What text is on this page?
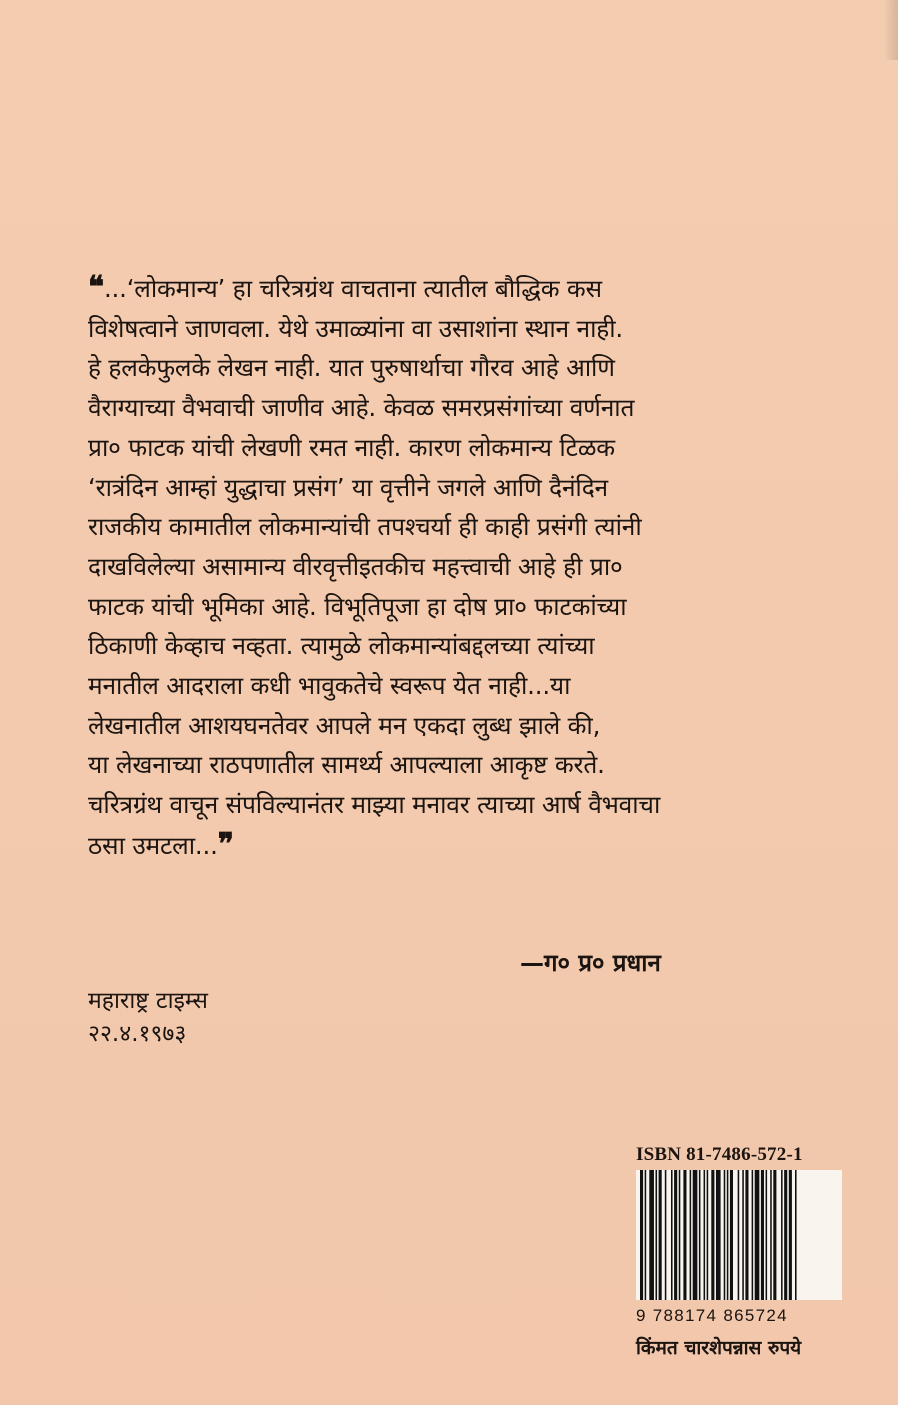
❝...‘लोकमान्य’ हा चरित्रग्रंथ वाचताना त्यातील बौद्धिक कस
विशेषत्वाने जाणवला. येथे उमाळ्यांना वा उसाशांना स्थान नाही.
हे हलकेफुलके लेखन नाही. यात पुरुषार्थाचा गौरव आहे आणि
वैराग्याच्या वैभवाची जाणीव आहे. केवळ समरप्रसंगांच्या वर्णनात
प्रा० फाटक यांची लेखणी रमत नाही. कारण लोकमान्य टिळक
‘रात्रंदिन आम्हां युद्धाचा प्रसंग’ या वृत्तीने जगले आणि दैनंदिन
राजकीय कामातील लोकमान्यांची तपश्चर्या ही काही प्रसंगी त्यांनी
दाखविलेल्या असामान्य वीरवृत्तीइतकीच महत्त्वाची आहे ही प्रा०
फाटक यांची भूमिका आहे. विभूतिपूजा हा दोष प्रा० फाटकांच्या
ठिकाणी केव्हाच नव्हता. त्यामुळे लोकमान्यांबद्दलच्या त्यांच्या
मनातील आदराला कधी भावुकतेचे स्वरूप येत नाही...या
लेखनातील आशयघनतेवर आपले मन एकदा लुब्ध झाले की,
या लेखनाच्या राठपणातील सामर्थ्य आपल्याला आकृष्ट करते.
चरित्रग्रंथ वाचून संपविल्यानंतर माझ्या मनावर त्याच्या आर्ष वैभवाचा
ठसा उमटला...❞
—ग० प्र० प्रधान
महाराष्ट्र टाइम्स
२२.४.१९७३
ISBN 81-7486-572-1
9 788174 865724
किंमत चारशेपन्नास रुपये
